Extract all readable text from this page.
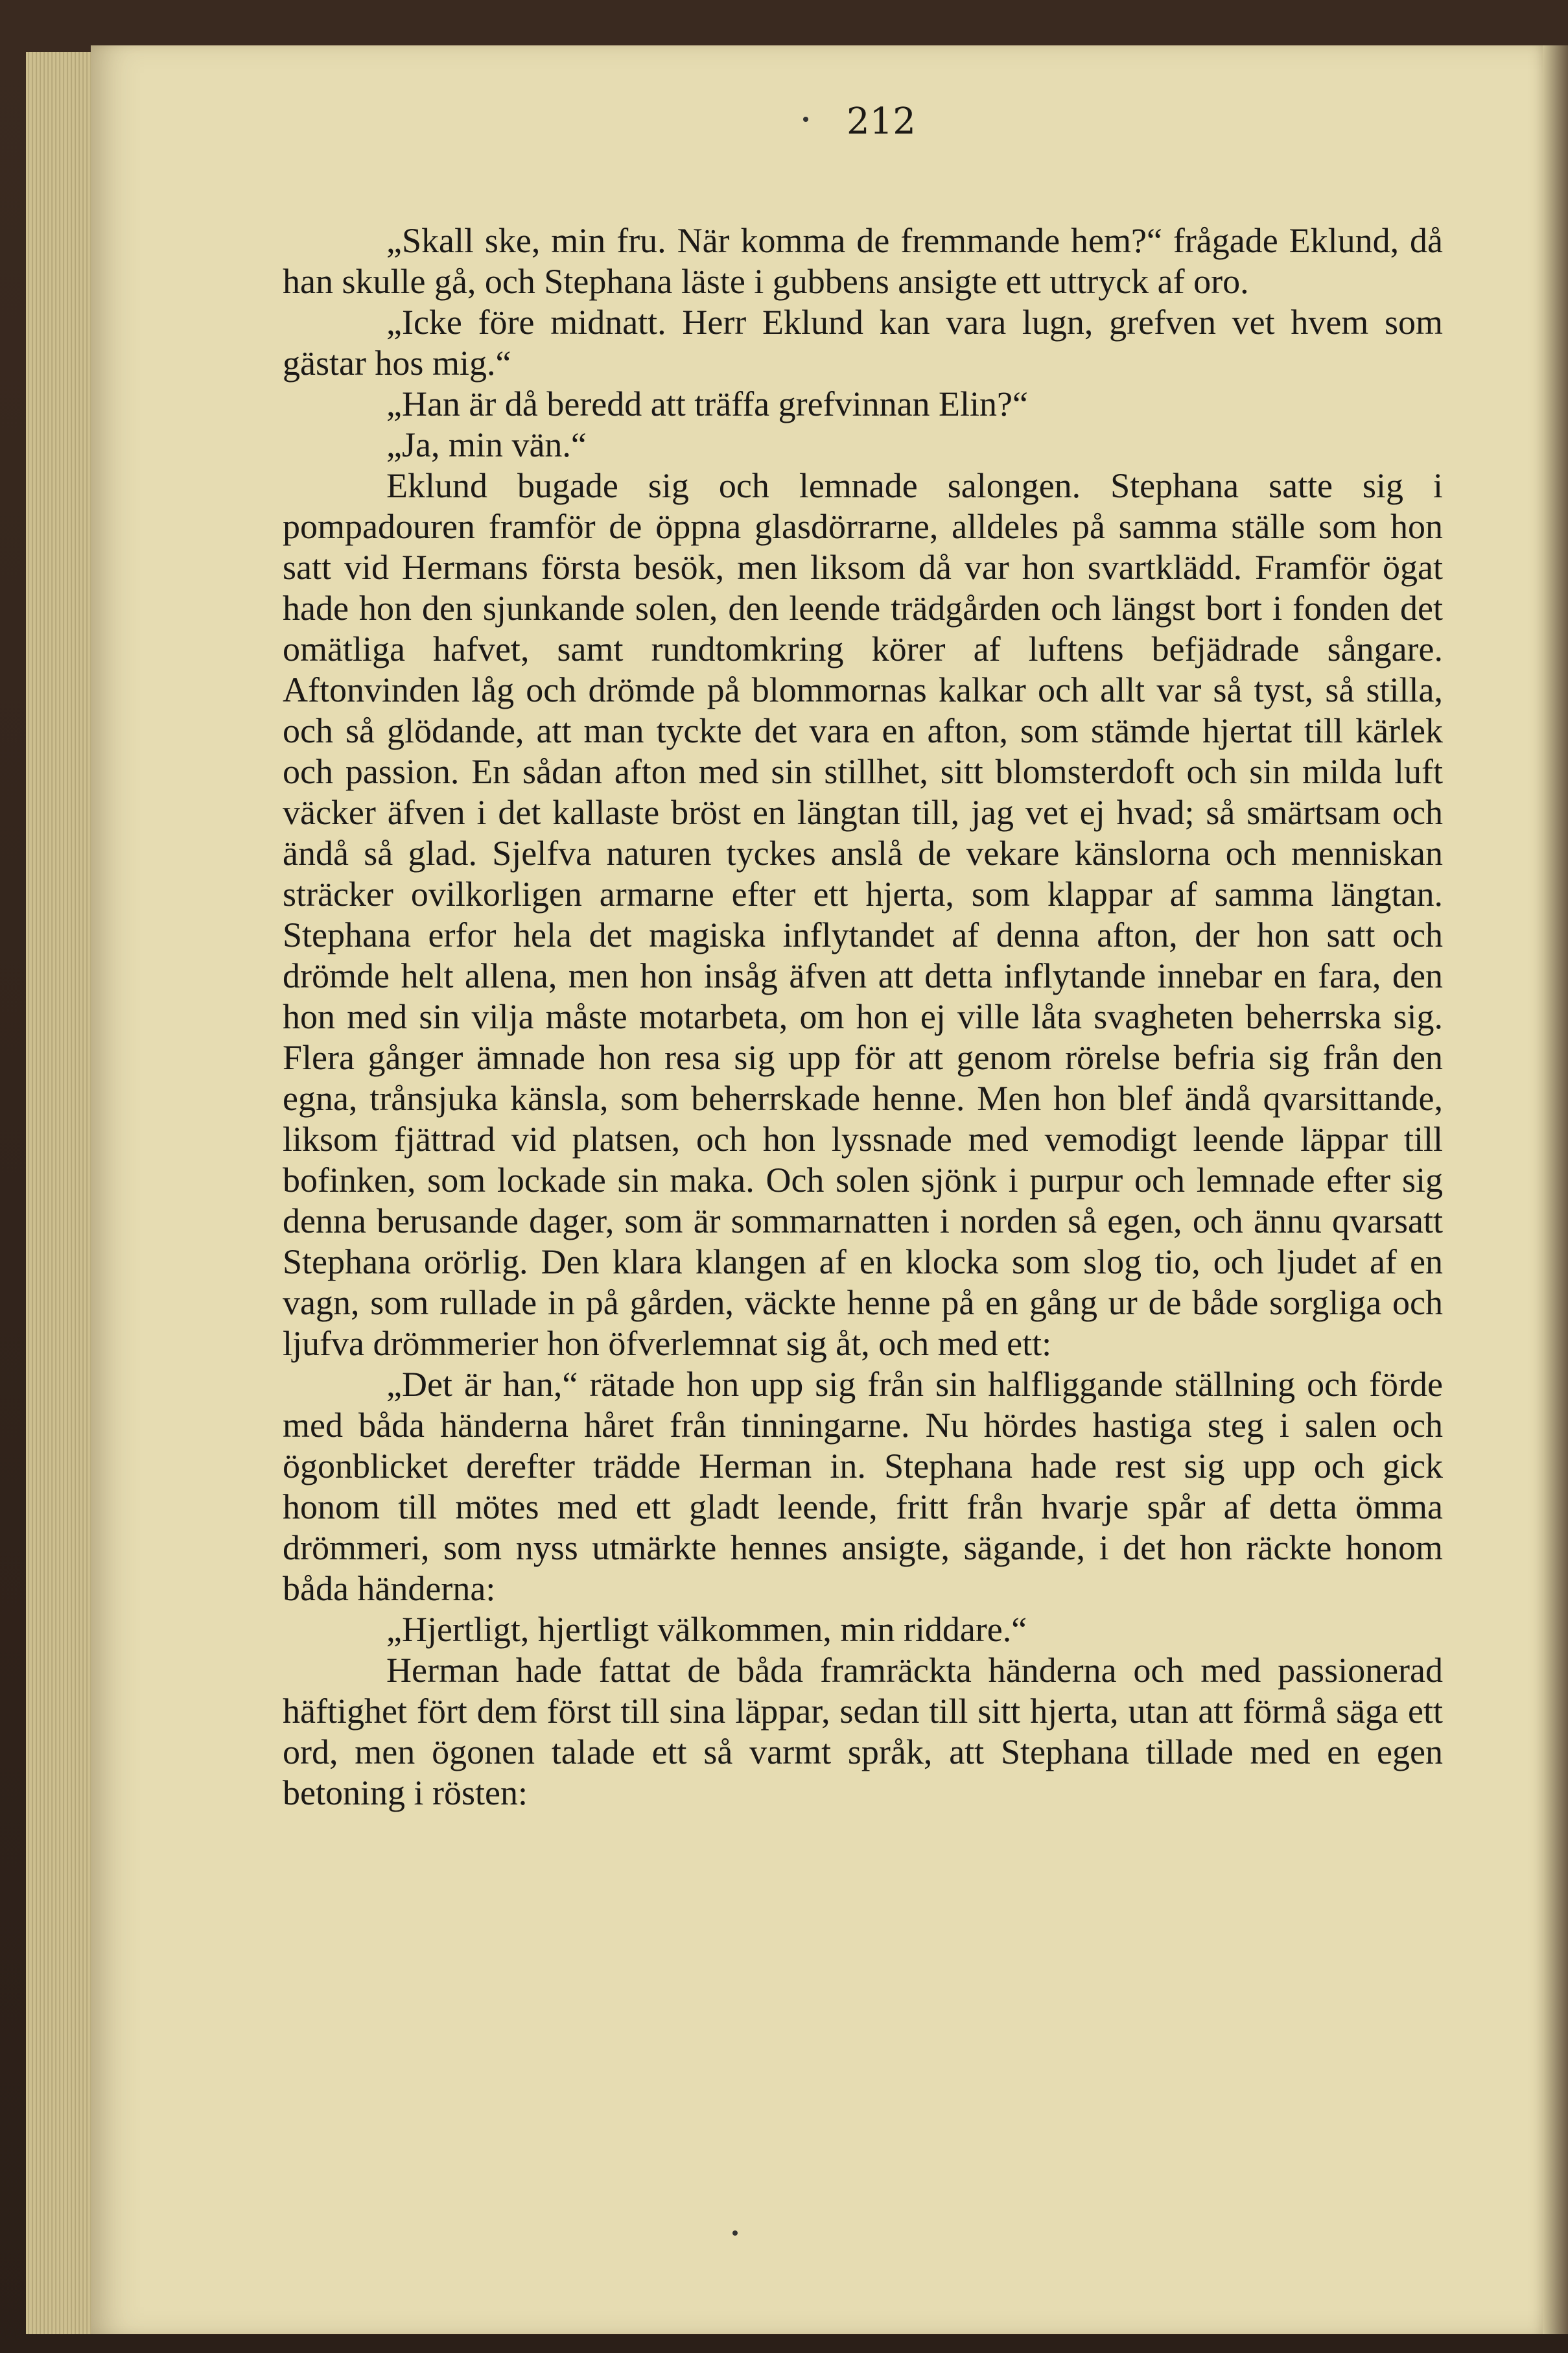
212

„Skall ske, min fru. När komma de fremmande hem?“ frågade Eklund, då han skulle gå, och Stephana läste i gubbens ansigte ett uttryck af oro.

„Icke före midnatt. Herr Eklund kan vara lugn, grefven vet hvem som gästar hos mig.“

„Han är då beredd att träffa grefvinnan Elin?“

„Ja, min vän.“

Eklund bugade sig och lemnade salongen. Stephana satte sig i pompadouren framför de öppna glasdörrarne, alldeles på samma ställe som hon satt vid Hermans första besök, men liksom då var hon svartklädd. Framför ögat hade hon den sjunkande solen, den leende trädgården och längst bort i fonden det omätliga hafvet, samt rundtomkring körer af luftens befjädrade sångare. Aftonvinden låg och drömde på blommornas kalkar och allt var så tyst, så stilla, och så glödande, att man tyckte det vara en afton, som stämde hjertat till kärlek och passion. En sådan afton med sin stillhet, sitt blomsterdoft och sin milda luft väcker äfven i det kallaste bröst en längtan till, jag vet ej hvad; så smärtsam och ändå så glad. Sjelfva naturen tyckes anslå de vekare känslorna och menniskan sträcker ovilkorligen armarne efter ett hjerta, som klappar af samma längtan. Stephana erfor hela det magiska inflytandet af denna afton, der hon satt och drömde helt allena, men hon insåg äfven att detta inflytande innebar en fara, den hon med sin vilja måste motarbeta, om hon ej ville låta svagheten beherrska sig. Flera gånger ämnade hon resa sig upp för att genom rörelse befria sig från den egna, trånsjuka känsla, som beherrskade henne. Men hon blef ändå qvarsittande, liksom fjättrad vid platsen, och hon lyssnade med vemodigt leende läppar till bofinken, som lockade sin maka. Och solen sjönk i purpur och lemnade efter sig denna berusande dager, som är sommarnatten i norden så egen, och ännu qvarsatt Stephana orörlig. Den klara klangen af en klocka som slog tio, och ljudet af en vagn, som rullade in på gården, väckte henne på en gång ur de både sorgliga och ljufva drömmerier hon öfverlemnat sig åt, och med ett:

„Det är han,“ rätade hon upp sig från sin halfliggande ställning och förde med båda händerna håret från tinningarne. Nu hördes hastiga steg i salen och ögonblicket derefter trädde Herman in. Stephana hade rest sig upp och gick honom till mötes med ett gladt leende, fritt från hvarje spår af detta ömma drömmeri, som nyss utmärkte hennes ansigte, sägande, i det hon räckte honom båda händerna:

„Hjertligt, hjertligt välkommen, min riddare.“

Herman hade fattat de båda framräckta händerna och med passionerad häftighet fört dem först till sina läppar, sedan till sitt hjerta, utan att förmå säga ett ord, men ögonen talade ett så varmt språk, att Stephana tillade med en egen betoning i rösten:
